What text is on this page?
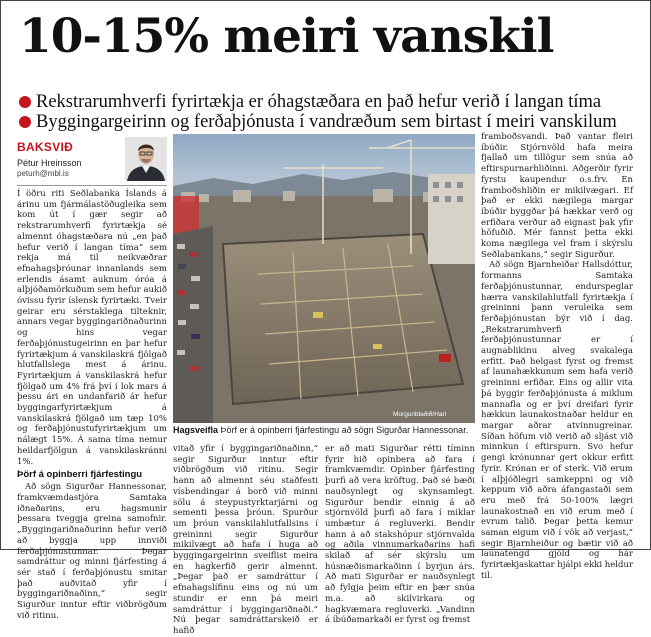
10-15% meiri vanskil
Rekstrarumhverfi fyrirtækja er óhagstæðara en það hefur verið í langan tíma
Byggingargeirinn og ferðaþjónusta í vandræðum sem birtast í meiri vanskilum
BAKSVIÐ
Pétur Hreinsson
peturh@mbl.is

Í öðru riti Seðlabanka Íslands á árinu um fjármálastöðugleika sem kom út í gær segir að rekstrarumhverfi fyrirtækja sé almennt óhagstæðara nú „en það hefur verið í langan tíma“ sem rekja má til neikvæðrar efnahagsþróunar innanlands sem erlendis ásamt auknum óróa á alþjóðamörkuðum sem hefur aukið óvissu fyrir íslensk fyrirtæki. Tveir geirar eru sérstaklega tilteknir, annars vegar byggingariðnaðurinn og hins vegar ferðaþjónustugeirinn en þar hefur fyrirtækjum á vanskilaskrá fjölgað hlutfallslega mest á árinu. Fyrirtækjum á vanskilaskrá hefur fjölgað um 4% frá því í lok mars á þessu ári en undanfarið ár hefur byggingarfyrirtækjum á vanskilaskrá fjölgað um tæp 10% og ferðaþjónustufyrirtækjum um nálægt 15%. Á sama tíma nemur heildarfjölgun á vanskilaskránni 1%.

Þörf á opinberri fjárfestingu

Að sögn Sigurðar Hannessonar, framkvæmdastjóra Samtaka iðnaðarins, eru hagsmunir þessara tveggja greina samofnir. „Byggingariðnaðurinn hefur verið að byggja upp innviði ferðaþjónustunnar. Þegar samdráttur og minni fjárfesting á sér stað í ferðaþjónustu smitar það auðvitað yfir í byggingariðnaðinn,“ segir Sigurður inntur eftir viðbrögðum við ritinu.

Morgunblaðið/Hari
Hagsveifla Þörf er á opinberri fjárfestingu að sögn Sigurðar Hannessonar.

vitað yfir í byggingariðnaðinn,“ segir Sigurður inntur eftir viðbrögðum við ritinu. Segir hann að almennt séu staðfesti vísbendingar á borð við minni sölu á steypustyrktarjárni og sementi þessa þróun. Spurður um þróun vanskilahlutfallsins í greininni segir Sigurður mikilvægt að hafa í huga að byggingargeirinn sveiflist meira en hagkerfið gerir almennt. „Þegar það er samdráttur í efnahagslífinu eins og nú um stundir er enn þá meiri samdráttur í byggingariðnaði.“ Nú þegar samdráttarskeið er hafið

er að mati Sigurðar rétti tíminn fyrir hið opinbera að fara í framkvæmdir. Opinber fjárfesting þurfi að vera kröftug. Það sé bæði nauðsynlegt og skynsamlegt. Sigurður bendir einnig á að stjórnvöld þurfi að fara í miklar umbætur á regluverki. Bendir hann á að stakshópur stjórnvalda og aðila vinnumarkaðarins hafi skilað af sér skýrslu um húsnæðismarkaðinn í byrjun árs. Að mati Sigurðar er nauðsynlegt að fylgja þeim eftir en þær snúa m.a. að skilvirkara og hagkvæmara regluverki. „Vandinn á íbúðamarkaði er fyrst og fremst

framboðsvandi. Það vantar fleiri íbúðir. Stjórnvöld hafa meira fjallað um tillögur sem snúa að eftirspurnarhliðinni. Aðgerðir fyrir fyrstu kaupendur o.s.frv. En framboðshliðin er mikilvægari. Ef það er ekki nægilega margar íbúðir byggðar þá hækkar verð og erfiðara verður að eignast þak yfir höfuðið. Mér fannst þetta ekki koma nægilega vel fram í skýrslu Seðlabankans,“ segir Sigurður.

Að sögn Bjarnheiðar Hallsdóttur, formanns Samtaka ferðaþjónustunnar, endurspeglar hærra vanskilahlutfall fyrirtækja í greininni þann veruleika sem ferðaþjónustan býr við í dag. „Rekstrarumhverfi ferðaþjónustunnar er í augnablikinu alveg svakalega erfitt. Það helgast fyrst og fremst af launahækkunum sem hafa verið greininni erfiðar. Eins og allir vita þá byggir ferðaþjónusta á miklum mannafla og er því dreifari fyrir hækkun launakostnaðar heldur en margar aðrar atvinnugreinar. Síðan höfum við verið að sljást við minnkun í eftirspurn. Svo hefur gengi krónunnar gert okkur erfitt fyrir. Krónan er of sterk. Við erum í alþjóðlegri samkeppni og við keppum við aðra áfangastaði sem eru með frá 50-100% lægri launakostnað en við erum með í evrum talið. Þegar þetta kemur saman eigum við í vök að verjast,“ segir Bjarnheiður og bætir við að launatengd gjöld og hár fyrirtækjaskattar hjálpi ekki heldur til.
